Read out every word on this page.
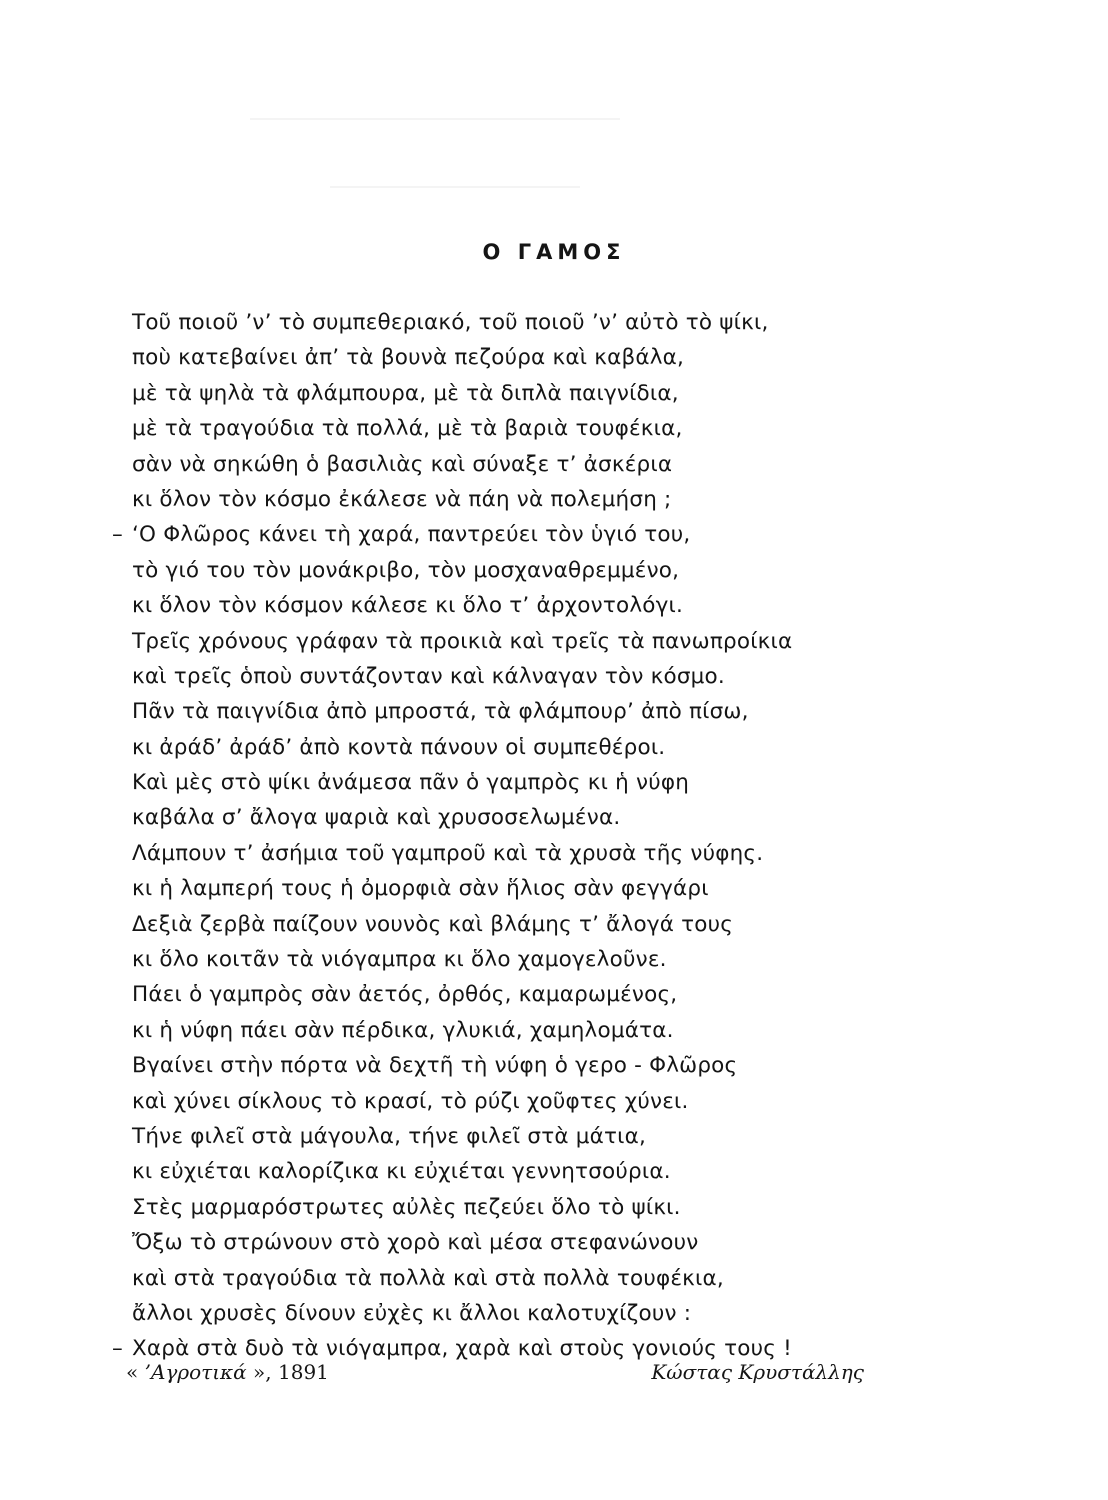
Ο ΓΑΜΟΣ
Τοῦ ποιοῦ ’ν’ τὸ συμπεθεριακό, τοῦ ποιοῦ ’ν’ αὐτὸ τὸ ψίκι,
ποὺ κατεβαίνει ἀπ’ τὰ βουνὰ πεζούρα καὶ καβάλα,
μὲ τὰ ψηλὰ τὰ φλάμπουρα, μὲ τὰ διπλὰ παιγνίδια,
μὲ τὰ τραγούδια τὰ πολλά, μὲ τὰ βαριὰ τουφέκια,
σὰν νὰ σηκώθη ὁ βασιλιὰς καὶ σύναξε τ’ ἀσκέρια
κι ὅλον τὸν κόσμο ἐκάλεσε νὰ πάη νὰ πολεμήση ;
– ‘Ο Φλῶρος κάνει τὴ χαρά, παντρεύει τὸν ὑγιό του,
τὸ γιό του τὸν μονάκριβο, τὸν μοσχαναθρεμμένο,
κι ὅλον τὸν κόσμον κάλεσε κι ὅλο τ’ ἀρχοντολόγι.
Τρεῖς χρόνους γράφαν τὰ προικιὰ καὶ τρεῖς τὰ πανωπροίκια
καὶ τρεῖς ὁποὺ συντάζονταν καὶ κάλναγαν τὸν κόσμο.
Πᾶν τὰ παιγνίδια ἀπὸ μπροστά, τὰ φλάμπουρ’ ἀπὸ πίσω,
κι ἀράδ’ ἀράδ’ ἀπὸ κοντὰ πάνουν οἱ συμπεθέροι.
Καὶ μὲς στὸ ψίκι ἀνάμεσα πᾶν ὁ γαμπρὸς κι ἡ νύφη
καβάλα σ’ ἄλογα ψαριὰ καὶ χρυσοσελωμένα.
Λάμπουν τ’ ἀσήμια τοῦ γαμπροῦ καὶ τὰ χρυσὰ τῆς νύφης.
κι ἡ λαμπερή τους ἡ ὀμορφιὰ σὰν ἥλιος σὰν φεγγάρι
Δεξιὰ ζερβὰ παίζουν νουνὸς καὶ βλάμης τ’ ἄλογά τους
κι ὅλο κοιτᾶν τὰ νιόγαμπρα κι ὅλο χαμογελοῦνε.
Πάει ὁ γαμπρὸς σὰν ἀετός, ὀρθός, καμαρωμένος,
κι ἡ νύφη πάει σὰν πέρδικα, γλυκιά, χαμηλομάτα.
Βγαίνει στὴν πόρτα νὰ δεχτῆ τὴ νύφη ὁ γερο - Φλῶρος
καὶ χύνει σίκλους τὸ κρασί, τὸ ρύζι χοῦφτες χύνει.
Τήνε φιλεῖ στὰ μάγουλα, τήνε φιλεῖ στὰ μάτια,
κι εὐχιέται καλορίζικα κι εὐχιέται γεννητσούρια.
Στὲς μαρμαρόστρωτες αὐλὲς πεζεύει ὅλο τὸ ψίκι.
Ὄξω τὸ στρώνουν στὸ χορὸ καὶ μέσα στεφανώνουν
καὶ στὰ τραγούδια τὰ πολλὰ καὶ στὰ πολλὰ τουφέκια,
ἄλλοι χρυσὲς δίνουν εὐχὲς κι ἄλλοι καλοτυχίζουν :
– Χαρὰ στὰ δυὸ τὰ νιόγαμπρα, χαρὰ καὶ στοὺς γονιούς τους !
« ’Αγροτικά », 1891	Κώστας Κρυστάλλης
